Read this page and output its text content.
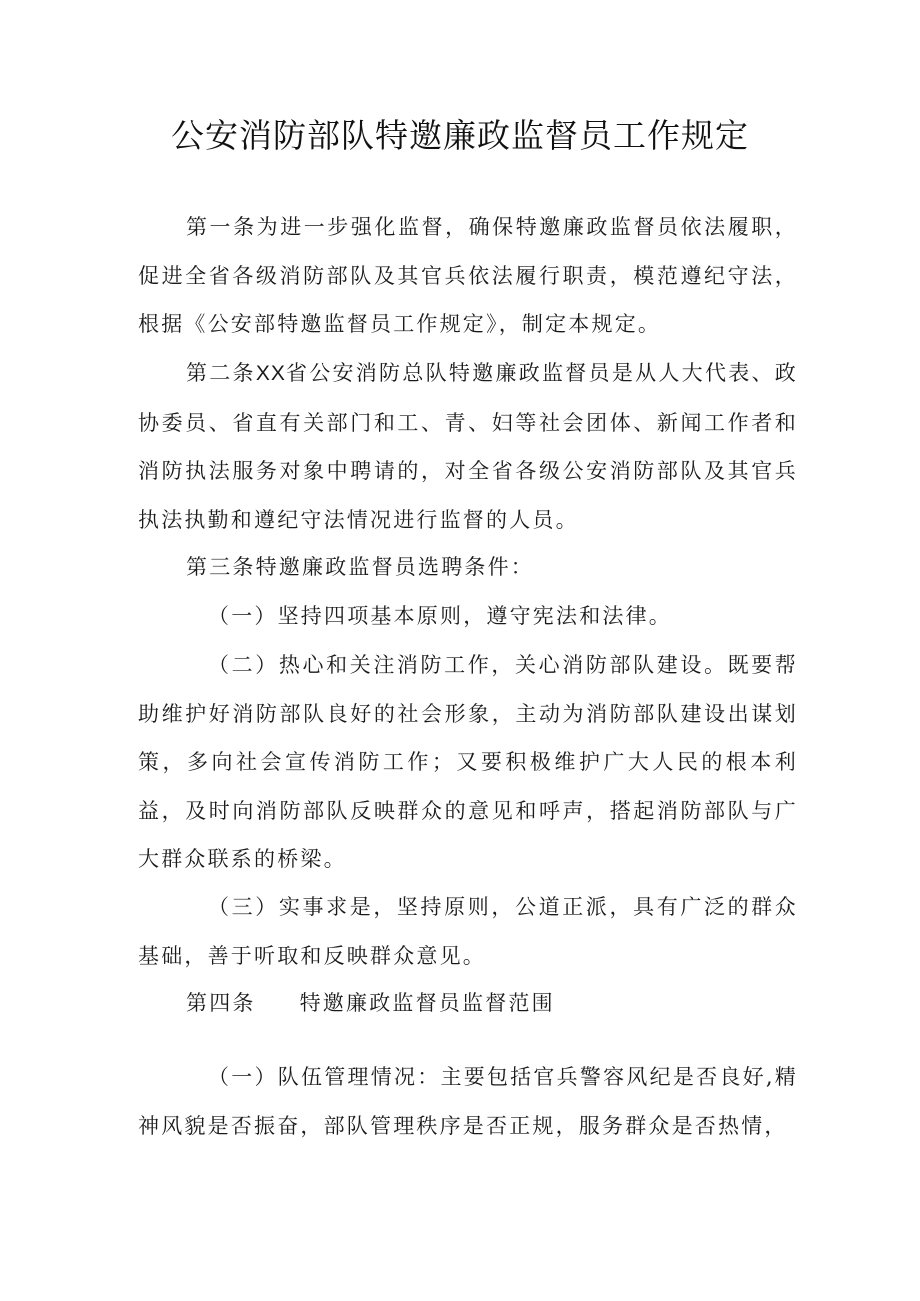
公安消防部队特邀廉政监督员工作规定

第一条为进一步强化监督，确保特邀廉政监督员依法履职，促进全省各级消防部队及其官兵依法履行职责，模范遵纪守法，根据《公安部特邀监督员工作规定》，制定本规定。

第二条XX省公安消防总队特邀廉政监督员是从人大代表、政协委员、省直有关部门和工、青、妇等社会团体、新闻工作者和消防执法服务对象中聘请的，对全省各级公安消防部队及其官兵执法执勤和遵纪守法情况进行监督的人员。

第三条特邀廉政监督员选聘条件：

（一）坚持四项基本原则，遵守宪法和法律。

（二）热心和关注消防工作，关心消防部队建设。既要帮助维护好消防部队良好的社会形象，主动为消防部队建设出谋划策，多向社会宣传消防工作；又要积极维护广大人民的根本利益，及时向消防部队反映群众的意见和呼声，搭起消防部队与广大群众联系的桥梁。

（三）实事求是，坚持原则，公道正派，具有广泛的群众基础，善于听取和反映群众意见。

第四条 特邀廉政监督员监督范围

（一）队伍管理情况：主要包括官兵警容风纪是否良好,精神风貌是否振奋，部队管理秩序是否正规，服务群众是否热情，
